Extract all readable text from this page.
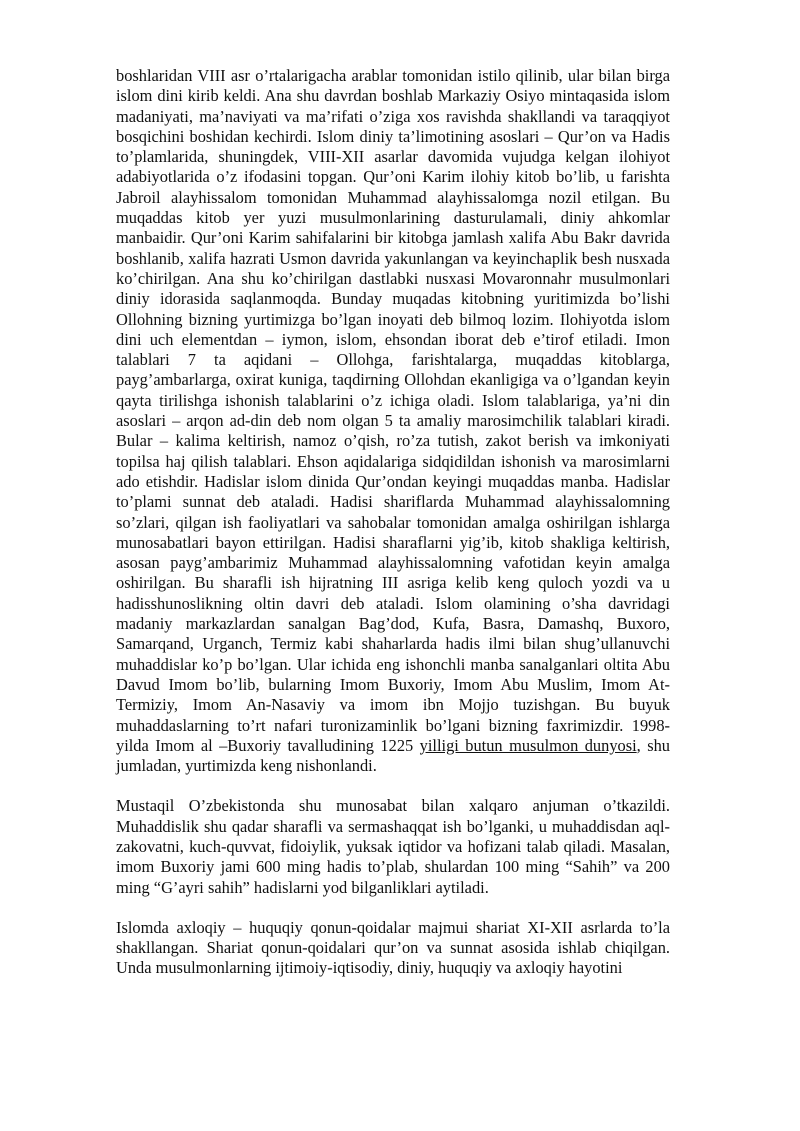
boshlaridan VIII asr o’rtalarigacha arablar tomonidan istilo qilinib, ular bilan birga islom dini kirib keldi. Ana shu davrdan boshlab Markaziy Osiyo mintaqasida islom madaniyati, ma’naviyati va ma’rifati o’ziga xos ravishda shakllandi va taraqqiyot bosqichini boshidan kechirdi. Islom diniy ta’limotining asoslari – Qur’on va Hadis to’plamlarida, shuningdek, VIII-XII asarlar davomida vujudga kelgan ilohiyot adabiyotlarida o’z ifodasini topgan. Qur’oni Karim ilohiy kitob bo’lib, u farishta Jabroil alayhissalom tomonidan Muhammad alayhissalomga nozil etilgan. Bu muqaddas kitob yer yuzi musulmonlarining dasturulamali, diniy ahkomlar manbaidir. Qur’oni Karim sahifalarini bir kitobga jamlash xalifa Abu Bakr davrida boshlanib, xalifa hazrati Usmon davrida yakunlangan va keyinchaplik besh nusxada ko’chirilgan. Ana shu ko’chirilgan dastlabki nusxasi Movaronnahr musulmonlari diniy idorasida saqlanmoqda. Bunday muqadas kitobning yuritimizda bo’lishi Ollohning bizning yurtimizga bo’lgan inoyati deb bilmoq lozim. Ilohiyotda islom dini uch elementdan – iymon, islom, ehsondan iborat deb e’tirof etiladi. Imon talablari 7 ta aqidani – Ollohga, farishtalarga, muqaddas kitoblarga, payg’ambarlarga, oxirat kuniga, taqdirning Ollohdan ekanligiga va o’lgandan keyin qayta tirilishga ishonish talablarini o’z ichiga oladi. Islom talablariga, ya’ni din asoslari – arqon ad-din deb nom olgan 5 ta amaliy marosimchilik talablari kiradi. Bular – kalima keltirish, namoz o’qish, ro’za tutish, zakot berish va imkoniyati topilsa haj qilish talablari. Ehson aqidalariga sidqidildan ishonish va marosimlarni ado etishdir. Hadislar islom dinida Qur’ondan keyingi muqaddas manba. Hadislar to’plami sunnat deb ataladi. Hadisi shariflarda Muhammad alayhissalomning so’zlari, qilgan ish faoliyatlari va sahobalar tomonidan amalga oshirilgan ishlarga munosabatlari bayon ettirilgan. Hadisi sharaflarni yig’ib, kitob shakliga keltirish, asosan payg’ambarimiz Muhammad alayhissalomning vafotidan keyin amalga oshirilgan. Bu sharafli ish hijratning III asriga kelib keng quloch yozdi va u hadisshunoslikning oltin davri deb ataladi. Islom olamining o’sha davridagi madaniy markazlardan sanalgan Bag’dod, Kufa, Basra, Damashq, Buxoro, Samarqand, Urganch, Termiz kabi shaharlarda hadis ilmi bilan shug’ullanuvchi muhaddislar ko’p bo’lgan. Ular ichida eng ishonchli manba sanalganlari oltita Abu Davud Imom bo’lib, bularning Imom Buxoriy, Imom Abu Muslim, Imom At-Termiziy, Imom An-Nasaviy va imom ibn Mojjo tuzishgan. Bu buyuk muhaddaslarning to’rt nafari turonizaminlik bo’lgani bizning faxrimizdir. 1998-yilda Imom al –Buxoriy tavalludining 1225 yilligi butun musulmon dunyosi, shu jumladan, yurtimizda keng nishonlandi.

Mustaqil O’zbekistonda shu munosabat bilan xalqaro anjuman o’tkazildi. Muhaddislik shu qadar sharafli va sermashaqqat ish bo’lganki, u muhaddisdan aql-zakovatni, kuch-quvvat, fidoiylik, yuksak iqtidor va hofizani talab qiladi. Masalan, imom Buxoriy jami 600 ming hadis to’plab, shulardan 100 ming “Sahih” va 200 ming “G’ayri sahih” hadislarni yod bilganliklari aytiladi.

Islomda axloqiy – huquqiy qonun-qoidalar majmui shariat XI-XII asrlarda to’la shakllangan. Shariat qonun-qoidalari qur’on va sunnat asosida ishlab chiqilgan. Unda musulmonlarning ijtimoiy-iqtisodiy, diniy, huquqiy va axloqiy hayotini
